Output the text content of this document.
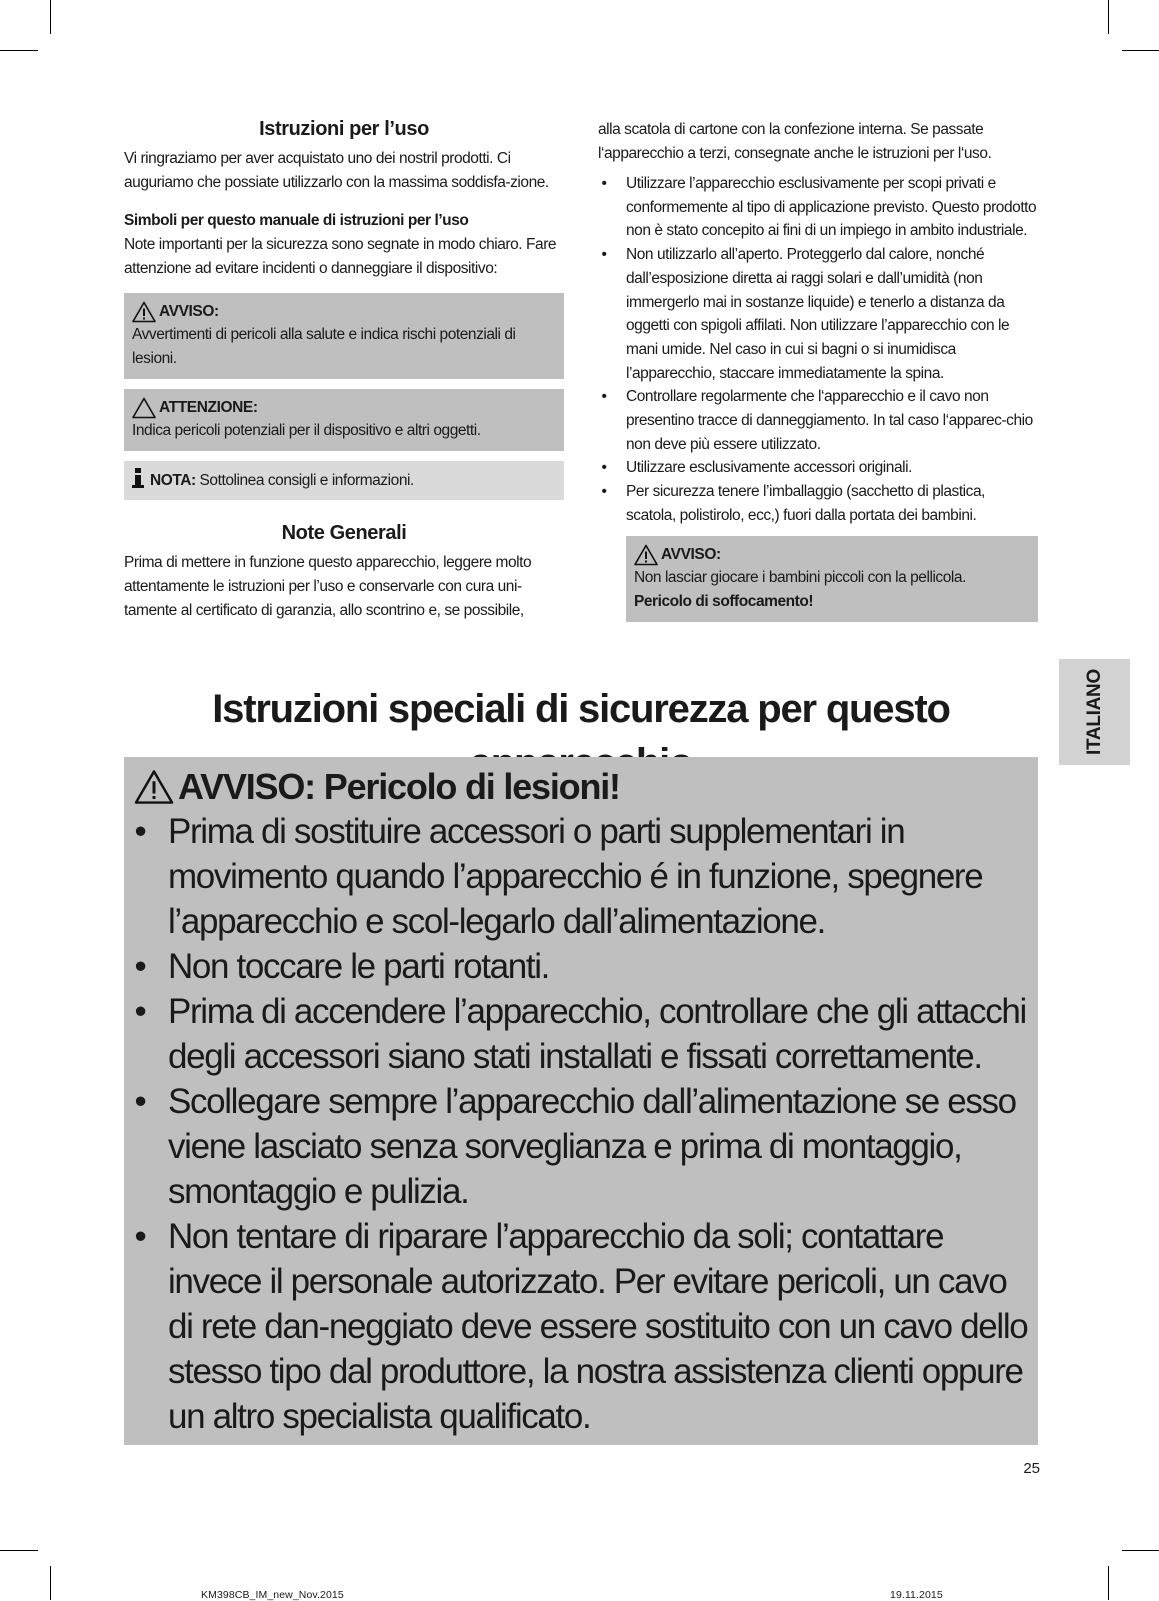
Istruzioni per l’uso

Vi ringraziamo per aver acquistato uno dei nostril prodotti. Ci auguriamo che possiate utilizzarlo con la massima soddisfa-zione.

Simboli per questo manuale di istruzioni per l’uso

Note importanti per la sicurezza sono segnate in modo chiaro. Fare attenzione ad evitare incidenti o danneggiare il dispositivo:

AVVISO:
Avvertimenti di pericoli alla salute e indica rischi potenziali di lesioni.
ATTENZIONE:
Indica pericoli potenziali per il dispositivo e altri oggetti.
NOTA: Sottolinea consigli e informazioni.
Note Generali

Prima di mettere in funzione questo apparecchio, leggere molto attentamente le istruzioni per l’uso e conservarle con cura uni-tamente al certificato di garanzia, allo scontrino e, se possibile,

alla scatola di cartone con la confezione interna. Se passate l‘apparecchio a terzi, consegnate anche le istruzioni per l‘uso.

• Utilizzare l’apparecchio esclusivamente per scopi privati e conformemente al tipo di applicazione previsto. Questo prodotto non è stato concepito ai fini di un impiego in ambito industriale.
• Non utilizzarlo all’aperto. Proteggerlo dal calore, nonché dall’esposizione diretta ai raggi solari e dall’umidità (non immergerlo mai in sostanze liquide) e tenerlo a distanza da oggetti con spigoli affilati. Non utilizzare l’apparecchio con le mani umide. Nel caso in cui si bagni o si inumidisca l’apparecchio, staccare immediatamente la spina.
• Controllare regolarmente che l‘apparecchio e il cavo non presentino tracce di danneggiamento. In tal caso l‘apparec-chio non deve più essere utilizzato.
• Utilizzare esclusivamente accessori originali.
• Per sicurezza tenere l’imballaggio (sacchetto di plastica, scatola, polistirolo, ecc,) fuori dalla portata dei bambini.
AVVISO:
Non lasciar giocare i bambini piccoli con la pellicola.
Pericolo di soffocamento!
ITALIANO
Istruzioni speciali di sicurezza per questo
AVVISO: Pericolo di lesioni!
• Prima di sostituire accessori o parti supplementari in movimento quando l’apparecchio é in funzione, spegnere l’apparecchio e scol-legarlo dall’alimentazione.
• Non toccare le parti rotanti.
• Prima di accendere l’apparecchio, controllare che gli attacchi degli accessori siano stati installati e fissati correttamente.
• Scollegare sempre l’apparecchio dall’alimentazione se esso viene lasciato senza sorveglianza e prima di montaggio, smontaggio e pulizia.
• Non tentare di riparare l’apparecchio da soli; contattare invece il personale autorizzato. Per evitare pericoli, un cavo di rete dan-neggiato deve essere sostituito con un cavo dello stesso tipo dal produttore, la nostra assistenza clienti oppure un altro specialista qualificato.
25
KM398CB_IM_new_Nov.2015	19.11.2015
